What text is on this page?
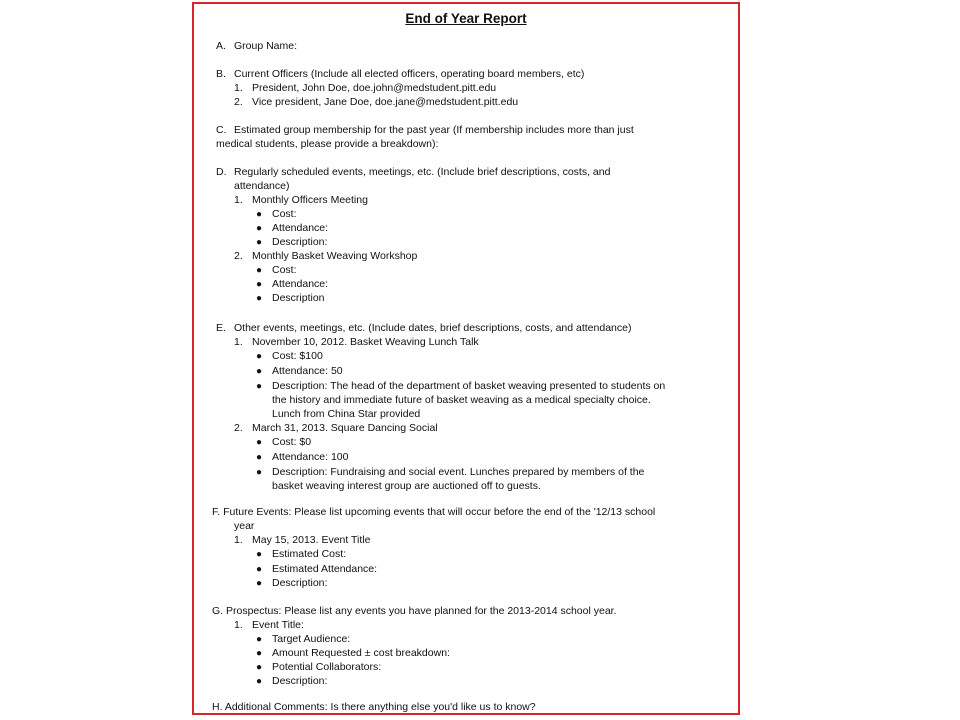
End of Year Report
A. Group Name:
B. Current Officers (Include all elected officers, operating board members, etc)
1. President, John Doe, doe.john@medstudent.pitt.edu
2. Vice president, Jane Doe, doe.jane@medstudent.pitt.edu
C. Estimated group membership for the past year (If membership includes more than just
medical students, please provide a breakdown):
D. Regularly scheduled events, meetings, etc. (Include brief descriptions, costs, and
attendance)
1. Monthly Officers Meeting
● Cost:
● Attendance:
● Description:
2. Monthly Basket Weaving Workshop
● Cost:
● Attendance:
● Description
E. Other events, meetings, etc. (Include dates, brief descriptions, costs, and attendance)
1. November 10, 2012. Basket Weaving Lunch Talk
● Cost: $100
● Attendance: 50
● Description: The head of the department of basket weaving presented to students on
the history and immediate future of basket weaving as a medical specialty choice.
Lunch from China Star provided
2. March 31, 2013. Square Dancing Social
● Cost: $0
● Attendance: 100
● Description: Fundraising and social event. Lunches prepared by members of the
basket weaving interest group are auctioned off to guests.
F. Future Events: Please list upcoming events that will occur before the end of the '12/13 school
year
1. May 15, 2013. Event Title
● Estimated Cost:
● Estimated Attendance:
● Description:
G. Prospectus: Please list any events you have planned for the 2013-2014 school year.
1. Event Title:
● Target Audience:
● Amount Requested ± cost breakdown:
● Potential Collaborators:
● Description:
H. Additional Comments: Is there anything else you'd like us to know?
